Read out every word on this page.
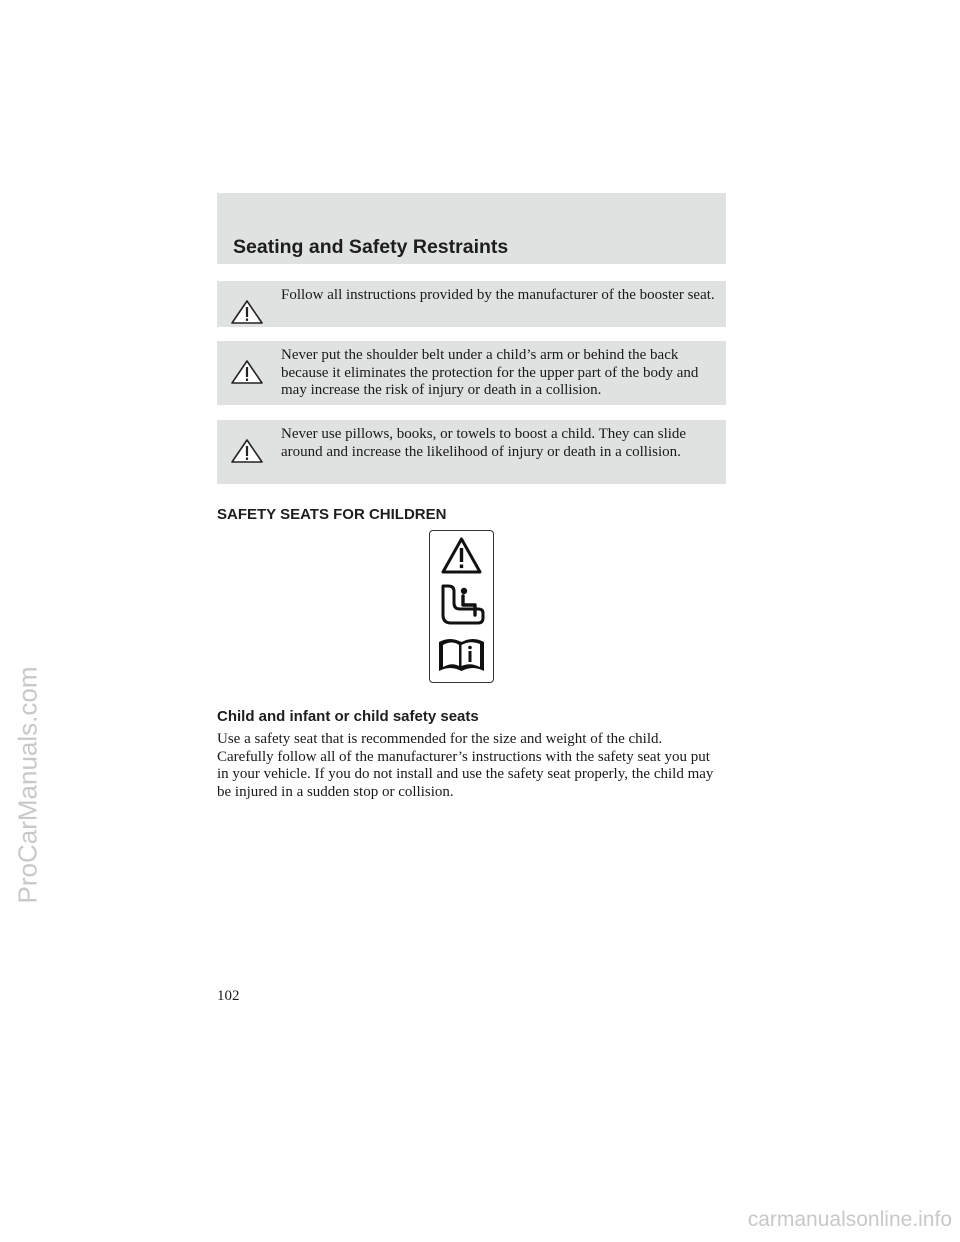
Seating and Safety Restraints
Follow all instructions provided by the manufacturer of the booster seat.
Never put the shoulder belt under a child’s arm or behind the back because it eliminates the protection for the upper part of the body and may increase the risk of injury or death in a collision.
Never use pillows, books, or towels to boost a child. They can slide around and increase the likelihood of injury or death in a collision.
SAFETY SEATS FOR CHILDREN
Child and infant or child safety seats
Use a safety seat that is recommended for the size and weight of the child. Carefully follow all of the manufacturer’s instructions with the safety seat you put in your vehicle. If you do not install and use the safety seat properly, the child may be injured in a sudden stop or collision.
102
ProCarManuals.com
carmanualsonline.info
